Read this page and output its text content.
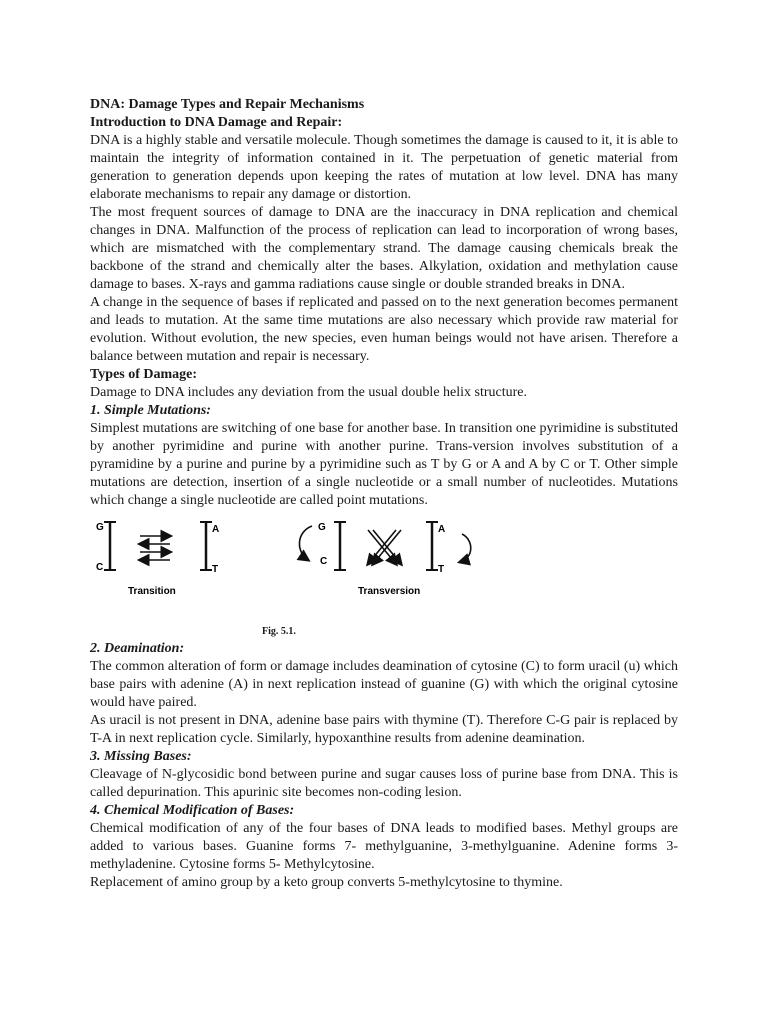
DNA: Damage Types and Repair Mechanisms

Introduction to DNA Damage and Repair:

DNA is a highly stable and versatile molecule. Though sometimes the damage is caused to it, it is able to maintain the integrity of information contained in it. The perpetuation of genetic material from generation to generation depends upon keeping the rates of mutation at low level. DNA has many elaborate mechanisms to repair any damage or distortion.

The most frequent sources of damage to DNA are the inaccuracy in DNA replication and chemical changes in DNA. Malfunction of the process of replication can lead to incorporation of wrong bases, which are mismatched with the complementary strand. The damage causing chemicals break the backbone of the strand and chemically alter the bases. Alkylation, oxidation and methylation cause damage to bases. X-rays and gamma radiations cause single or double stranded breaks in DNA.

A change in the sequence of bases if replicated and passed on to the next generation becomes permanent and leads to mutation. At the same time mutations are also necessary which provide raw material for evolution. Without evolution, the new species, even human beings would not have arisen. Therefore a balance between mutation and repair is necessary.

Types of Damage:

Damage to DNA includes any deviation from the usual double helix structure.

1. Simple Mutations:

Simplest mutations are switching of one base for another base. In transition one pyrimidine is substituted by another pyrimidine and purine with another purine. Trans-version involves substitution of a pyramidine by a purine and purine by a pyrimidine such as T by G or A and A by C or T. Other simple mutations are detection, insertion of a single nucleotide or a small number of nucleotides. Mutations which change a single nucleotide are called point mutations.

G
C
A
T
Transition
G
C
A
T
Transversion
Fig. 5.1.

2. Deamination:

The common alteration of form or damage includes deamination of cytosine (C) to form uracil (u) which base pairs with adenine (A) in next replication instead of guanine (G) with which the original cytosine would have paired.

As uracil is not present in DNA, adenine base pairs with thymine (T). Therefore C-G pair is replaced by T-A in next replication cycle. Similarly, hypoxanthine results from adenine deamination.

3. Missing Bases:

Cleavage of N-glycosidic bond between purine and sugar causes loss of purine base from DNA. This is called depurination. This apurinic site becomes non-coding lesion.

4. Chemical Modification of Bases:

Chemical modification of any of the four bases of DNA leads to modified bases. Methyl groups are added to various bases. Guanine forms 7- methylguanine, 3-methylguanine. Adenine forms 3-methyladenine. Cytosine forms 5- Methylcytosine.

Replacement of amino group by a keto group converts 5-methylcytosine to thymine.
